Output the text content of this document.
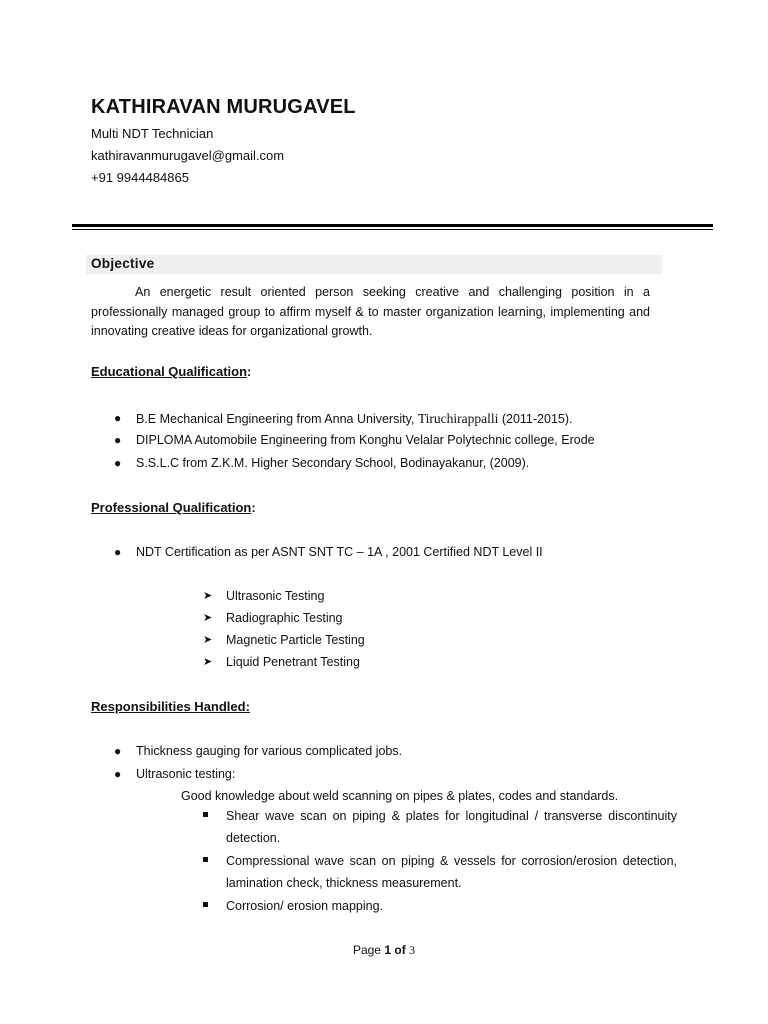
KATHIRAVAN MURUGAVEL
Multi NDT Technician
kathiravanmurugavel@gmail.com
+91 9944484865
Objective
An energetic result oriented person seeking creative and challenging position in a professionally managed group to affirm myself & to master organization learning, implementing and innovating creative ideas for organizational growth.
Educational Qualification:
● B.E Mechanical Engineering from Anna University, Tiruchirappalli (2011-2015).
● DIPLOMA Automobile Engineering from Konghu Velalar Polytechnic college, Erode
● S.S.L.C from Z.K.M. Higher Secondary School, Bodinayakanur, (2009).
Professional Qualification:
● NDT Certification as per ASNT SNT TC – 1A , 2001 Certified NDT Level II
➤ Ultrasonic Testing
➤ Radiographic Testing
➤ Magnetic Particle Testing
➤ Liquid Penetrant Testing
Responsibilities Handled:
● Thickness gauging for various complicated jobs.
● Ultrasonic testing:
Good knowledge about weld scanning on pipes & plates, codes and standards.
Shear wave scan on piping & plates for longitudinal / transverse discontinuity detection.
Compressional wave scan on piping & vessels for corrosion/erosion detection, lamination check, thickness measurement.
Corrosion/ erosion mapping.
Page 1 of 3
